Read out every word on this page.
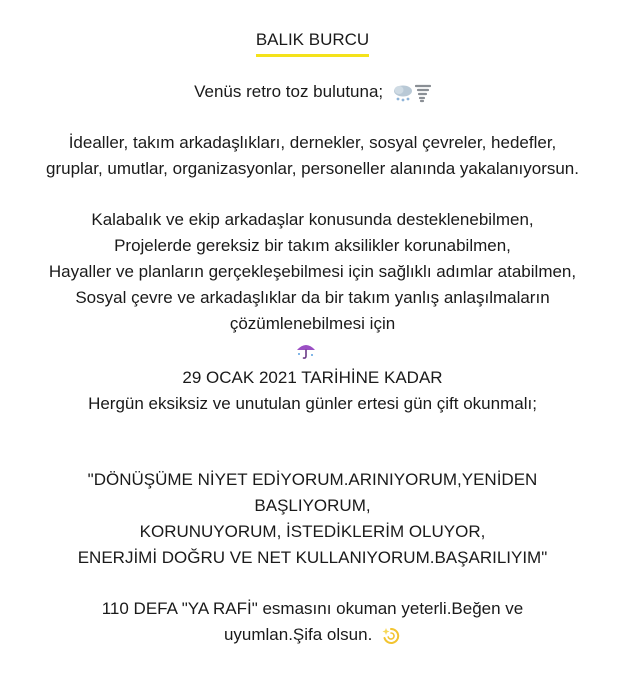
BALIK BURCU
Venüs retro toz bulutuna;
İdealler, takım arkadaşlıkları, dernekler, sosyal çevreler, hedefler,
gruplar, umutlar, organizasyonlar, personeller alanında yakalanıyorsun.
Kalabalık ve ekip arkadaşlar konusunda desteklenebilmen,
Projelerde gereksiz bir takım aksilikler korunabilmen,
Hayaller ve planların gerçekleşebilmesi için sağlıklı adımlar atabilmen,
Sosyal çevre ve arkadaşlıklar da bir takım yanlış anlaşılmaların
çözümlenebilmesi için
29 OCAK 2021 TARİHİNE KADAR
Hergün eksiksiz ve unutulan günler ertesi gün çift okunmalı;
"DÖNÜŞÜME NİYET EDİYORUM.ARINIYORUM,YENİDEN
BAŞLIYORUM,
KORUNUYORUM, İSTEDİKLERİM OLUYOR,
ENERJİMİ DOĞRU VE NET KULLANIYORUM.BAŞARILIYIM"
110 DEFA "YA RAFİ" esmasını okuman yeterli.Beğen ve
uyumlan.Şifa olsun.
